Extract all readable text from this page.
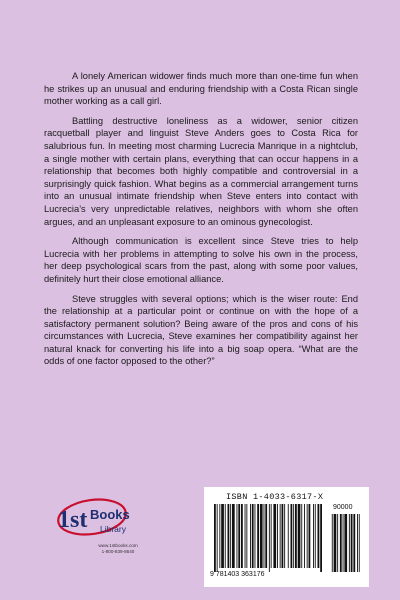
A lonely American widower finds much more than one-time fun when he strikes up an unusual and enduring friendship with a Costa Rican single mother working as a call girl.

Battling destructive loneliness as a widower, senior citizen racquetball player and linguist Steve Anders goes to Costa Rica for salubrious fun. In meeting most charming Lucrecia Manrique in a nightclub, a single mother with certain plans, everything that can occur happens in a relationship that becomes both highly compatible and controversial in a surprisingly quick fashion. What begins as a commercial arrangement turns into an unusual intimate friendship when Steve enters into contact with Lucrecia’s very unpredictable relatives, neighbors with whom she often argues, and an unpleasant exposure to an ominous gynecologist.

Although communication is excellent since Steve tries to help Lucrecia with her problems in attempting to solve his own in the process, her deep psychological scars from the past, along with some poor values, definitely hurt their close emotional alliance.

Steve struggles with several options; which is the wiser route: End the relationship at a particular point or continue on with the hope of a satisfactory permanent solution? Being aware of the pros and cons of his circumstances with Lucrecia, Steve examines her compatibility against her natural knack for converting his life into a big soap opera. “What are the odds of one factor opposed to the other?”

1st Books
Library
www.1stbooks.com
1-800-839-8640
ISBN 1-4033-6317-X
90000
9 781403 363176
